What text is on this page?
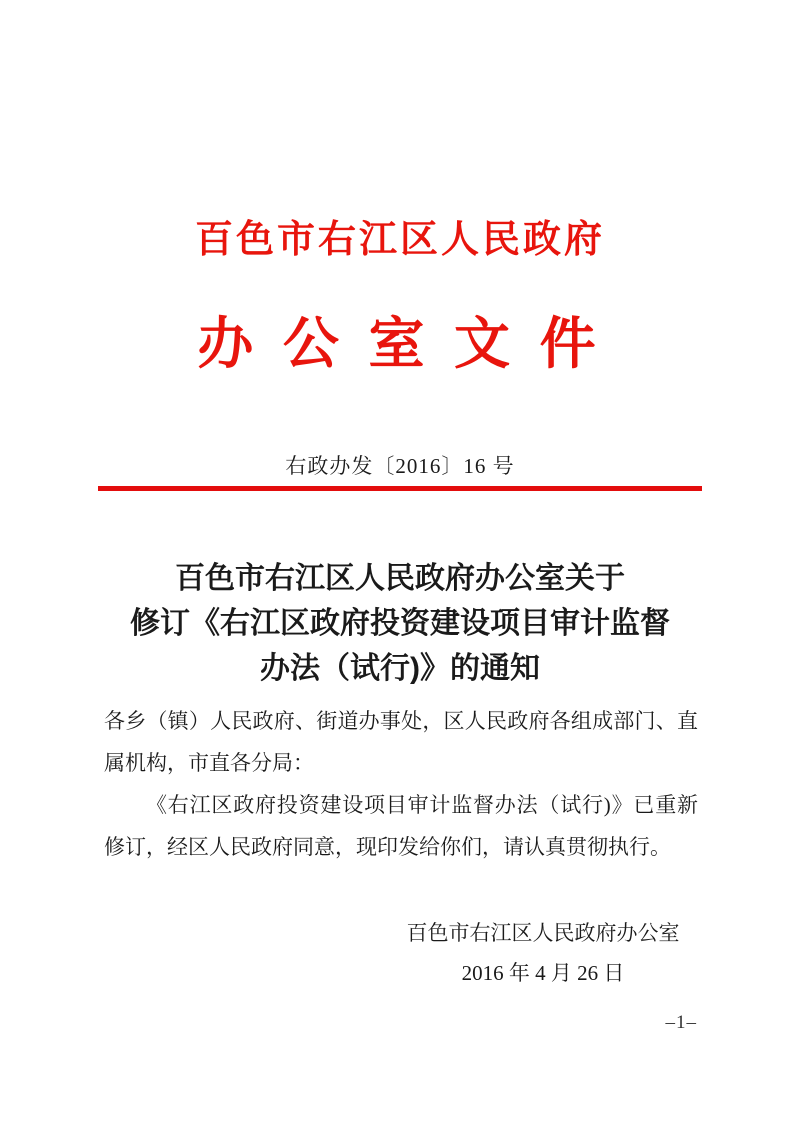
百色市右江区人民政府
办 公 室 文 件
右政办发〔2016〕16 号
百色市右江区人民政府办公室关于
修订《右江区政府投资建设项目审计监督
办法（试行)》的通知

各乡（镇）人民政府、街道办事处，区人民政府各组成部门、直属机构，市直各分局：

《右江区政府投资建设项目审计监督办法（试行)》已重新修订，经区人民政府同意，现印发给你们，请认真贯彻执行。

百色市右江区人民政府办公室
2016 年 4 月 26 日
–1–
